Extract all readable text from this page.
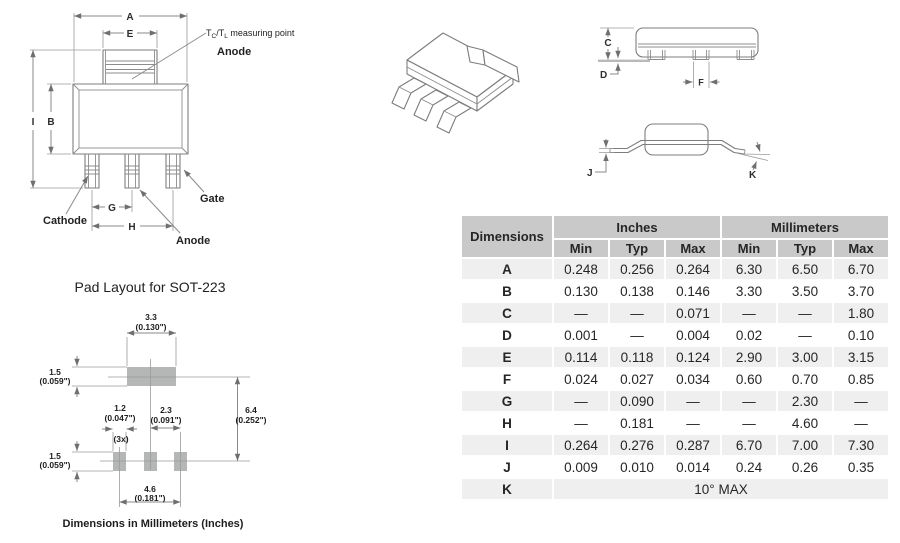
A
E
I B
G
H
$T_C/T_L$ measuring point
Anode
Cathode
Gate
Anode
C
D
F
J	K
Pad Layout for SOT-223
3.3
(0.130")
1.5
(0.059")
6.4
(0.252")
1.2
(0.047")
(3x)
2.3
(0.091")
1.5
(0.059")
4.6
(0.181")
Dimensions in Millimeters (Inches)
Dimensions	Inches			Millimeters		
	Min	Typ	Max	Min	Typ	Max
A	0.248	0.256	0.264	6.30	6.50	6.70
B	0.130	0.138	0.146	3.30	3.50	3.70
C	—	—	0.071	—	—	1.80
D	0.001	—	0.004	0.02	—	0.10
E	0.114	0.118	0.124	2.90	3.00	3.15
F	0.024	0.027	0.034	0.60	0.70	0.85
G	—	0.090	—	—	2.30	—
H	—	0.181	—	—	4.60	—
I	0.264	0.276	0.287	6.70	7.00	7.30
J	0.009	0.010	0.014	0.24	0.26	0.35
K	10° MAX					
